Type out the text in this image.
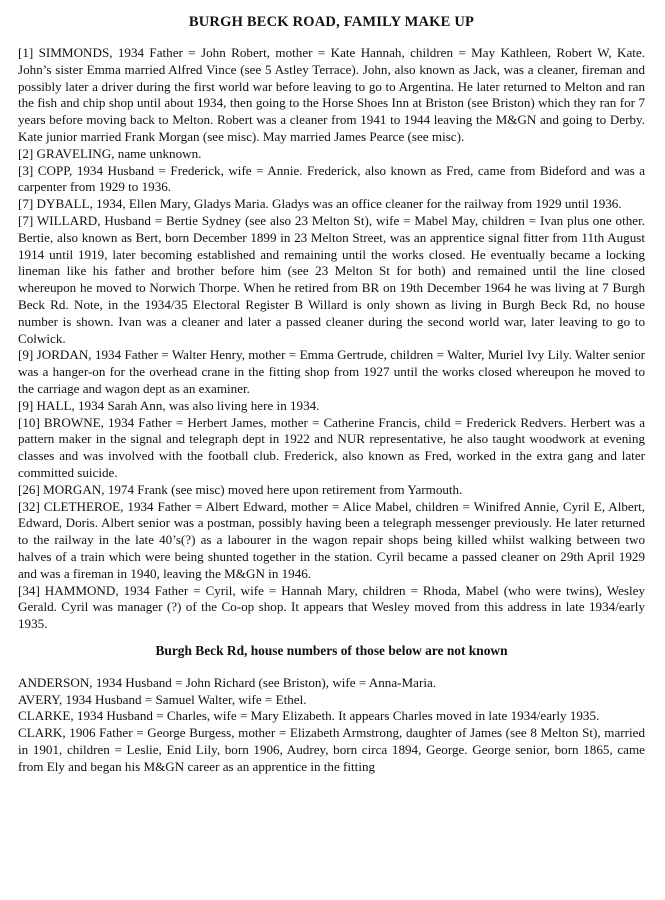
BURGH BECK ROAD, FAMILY MAKE UP

[1] SIMMONDS, 1934 Father = John Robert, mother = Kate Hannah, children = May Kathleen, Robert W, Kate. John’s sister Emma married Alfred Vince (see 5 Astley Terrace). John, also known as Jack, was a cleaner, fireman and possibly later a driver during the first world war before leaving to go to Argentina. He later returned to Melton and ran the fish and chip shop until about 1934, then going to the Horse Shoes Inn at Briston (see Briston) which they ran for 7 years before moving back to Melton. Robert was a cleaner from 1941 to 1944 leaving the M&GN and going to Derby. Kate junior married Frank Morgan (see misc). May married James Pearce (see misc).

[2] GRAVELING, name unknown.

[3] COPP, 1934 Husband = Frederick, wife = Annie. Frederick, also known as Fred, came from Bideford and was a carpenter from 1929 to 1936.

[7] DYBALL, 1934, Ellen Mary, Gladys Maria. Gladys was an office cleaner for the railway from 1929 until 1936.

[7] WILLARD, Husband = Bertie Sydney (see also 23 Melton St), wife = Mabel May, children = Ivan plus one other. Bertie, also known as Bert, born December 1899 in 23 Melton Street, was an apprentice signal fitter from 11th August 1914 until 1919, later becoming established and remaining until the works closed. He eventually became a locking lineman like his father and brother before him (see 23 Melton St for both) and remained until the line closed whereupon he moved to Norwich Thorpe. When he retired from BR on 19th December 1964 he was living at 7 Burgh Beck Rd. Note, in the 1934/35 Electoral Register B Willard is only shown as living in Burgh Beck Rd, no house number is shown. Ivan was a cleaner and later a passed cleaner during the second world war, later leaving to go to Colwick.

[9] JORDAN, 1934 Father = Walter Henry, mother = Emma Gertrude, children = Walter, Muriel Ivy Lily. Walter senior was a hanger-on for the overhead crane in the fitting shop from 1927 until the works closed whereupon he moved to the carriage and wagon dept as an examiner.

[9] HALL, 1934 Sarah Ann, was also living here in 1934.

[10] BROWNE, 1934 Father = Herbert James, mother = Catherine Francis, child = Frederick Redvers. Herbert was a pattern maker in the signal and telegraph dept in 1922 and NUR representative, he also taught woodwork at evening classes and was involved with the football club. Frederick, also known as Fred, worked in the extra gang and later committed suicide.

[26] MORGAN, 1974 Frank (see misc) moved here upon retirement from Yarmouth.

[32] CLETHEROE, 1934 Father = Albert Edward, mother = Alice Mabel, children = Winifred Annie, Cyril E, Albert, Edward, Doris. Albert senior was a postman, possibly having been a telegraph messenger previously. He later returned to the railway in the late 40’s(?) as a labourer in the wagon repair shops being killed whilst walking between two halves of a train which were being shunted together in the station. Cyril became a passed cleaner on 29th April 1929 and was a fireman in 1940, leaving the M&GN in 1946.

[34] HAMMOND, 1934 Father = Cyril, wife = Hannah Mary, children = Rhoda, Mabel (who were twins), Wesley Gerald. Cyril was manager (?) of the Co-op shop. It appears that Wesley moved from this address in late 1934/early 1935.

Burgh Beck Rd, house numbers of those below are not known

ANDERSON, 1934 Husband = John Richard (see Briston), wife = Anna-Maria.

AVERY, 1934 Husband = Samuel Walter, wife = Ethel.

CLARKE, 1934 Husband = Charles, wife = Mary Elizabeth. It appears Charles moved in late 1934/early 1935.

CLARK, 1906 Father = George Burgess, mother = Elizabeth Armstrong, daughter of James (see 8 Melton St), married in 1901, children = Leslie, Enid Lily, born 1906, Audrey, born circa 1894, George. George senior, born 1865, came from Ely and began his M&GN career as an apprentice in the fitting
